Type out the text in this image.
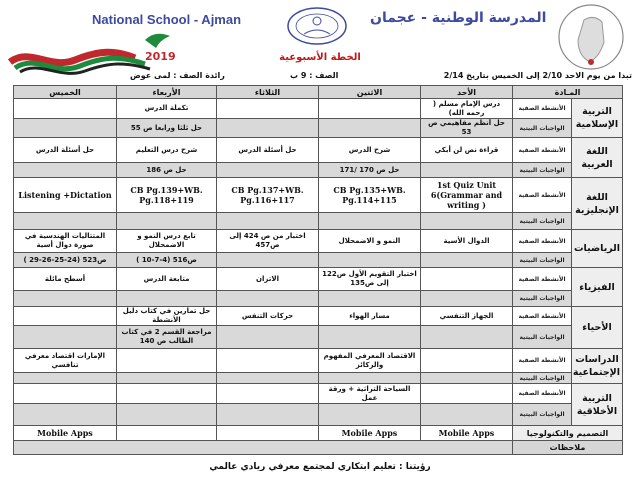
2019
National School - Ajman	المدرسة الوطنية - عجمان
الخطة الأسبوعية
تبدا من يوم الاحد 2/10 إلى الخميس بتاريخ 2/14
الصف : 9 ب
رائدة الصف : لمى عوض
المـادة		الأحد	الاثنين	الثلاثاء	الأربعاء	الخميس
التربية الإسلامية	الأنشطة الصفية	درس الإمام مسلم ( رحمه الله)			تكملة الدرس	
	الواجبات البيتية	حل أنظم مفاهيمي ص 53			حل ثلثا ورابعا ص 55	
اللغة العربية	الأنشطة الصفية	قراءة نص لن أبكي	شرح الدرس	حل أسئلة الدرس	شرح درس التعليم	حل أسئلة الدرس
	الواجبات البيتية		حل ص 170 /171		حل ص 186	
اللغة الإنجليزية	الأنشطة الصفية	1st Quiz Unit 6(Grammar and writing )	CB Pg.135+WB. Pg.114+115	CB Pg.137+WB. Pg.116+117	CB Pg.139+WB. Pg.118+119	Listening +Dictation
	الواجبات البيتية					
الرياضيات	الأنشطة الصفية	الدوال الأسية	النمو و الاضمحلال	اختبار من ص 424 إلى ص457	تابع درس النمو و الاضمحلال	المتتاليات الهندسية في صورة دوال أسية
	الواجبات البيتية				ص516 (4-7-10 )	ص523 (24-25-26-29 )
الفيزياء	الأنشطة الصفية		اختبار التقويم الأول ص122 إلى ص135	الاتزان	متابعة الدرس	أسطح مائلة
	الواجبات البيتية					
الأحياء	الأنشطة الصفية	الجهاز التنفسي	مسار الهواء	حركات التنفس	حل تمارين في كتاب دليل الأنشطة	
	الواجبات البيتية				مراجعة القسم 2 في كتاب الطالب ص 140	
الدراسات الإجتماعية	الأنشطة الصفية		الاقتصاد المعرفي المفهوم والركائز			الإمارات اقتصاد معرفي تنافسي
	الواجبات البيتية					
التربية الأخلاقية	الأنشطة الصفية		السياحة التراثية + ورقة عمل			
	الواجبات البيتية					
التصميم والتكنولوجيا		Mobile Apps	Mobile Apps			Mobile Apps
ملاحظات						
رؤيتنا : تعليم ابتكاري لمجتمع معرفي ريادي عالمي
